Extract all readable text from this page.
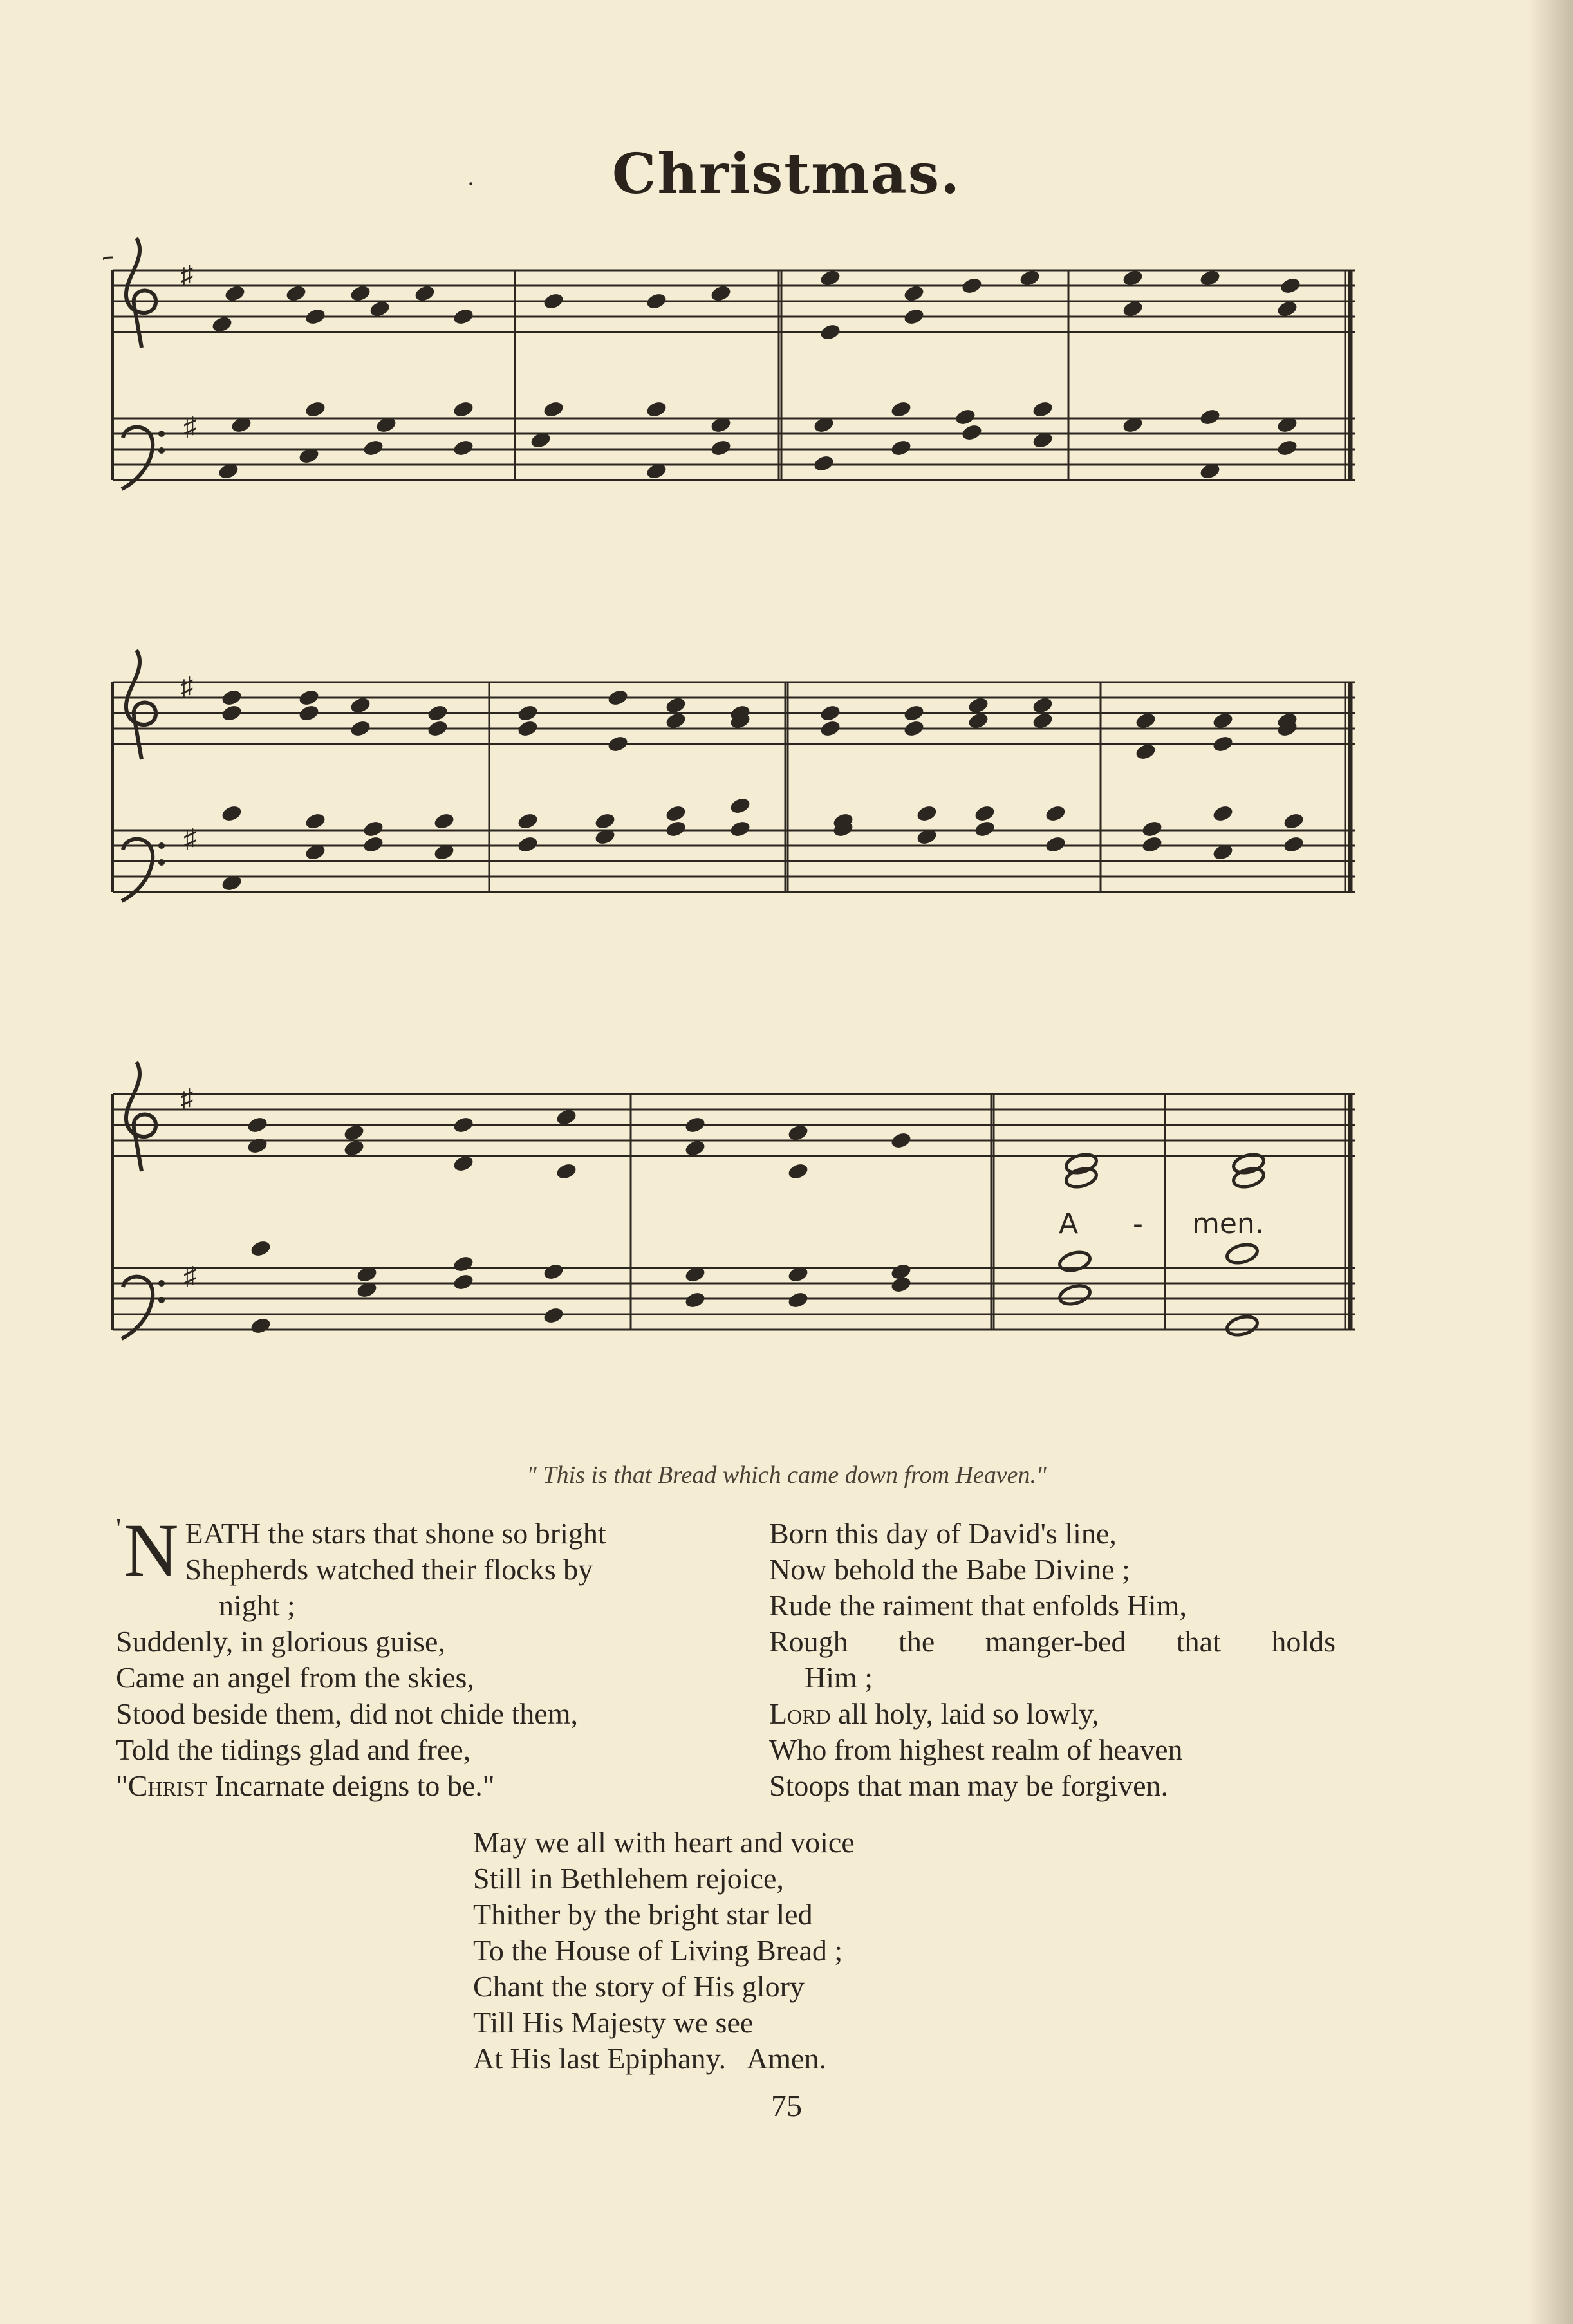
·	Christmas.
♯
♯
♯
♯
♯
♯
A - men.
" This is that Bread which came down from Heaven."
' N EATH the stars that shone so bright
Shepherds watched their flocks by
night ;
Suddenly, in glorious guise,
Came an angel from the skies,
Stood beside them, did not chide them,
Told the tidings glad and free,
"Christ Incarnate deigns to be."
Born this day of David's line,
Now behold the Babe Divine ;
Rude the raiment that enfolds Him,
Rough the manger-bed that holds
Him ;
Lord all holy, laid so lowly,
Who from highest realm of heaven
Stoops that man may be forgiven.
May we all with heart and voice
Still in Bethlehem rejoice,
Thither by the bright star led
To the House of Living Bread ;
Chant the story of His glory
Till His Majesty we see
At His last Epiphany.   Amen.
75
